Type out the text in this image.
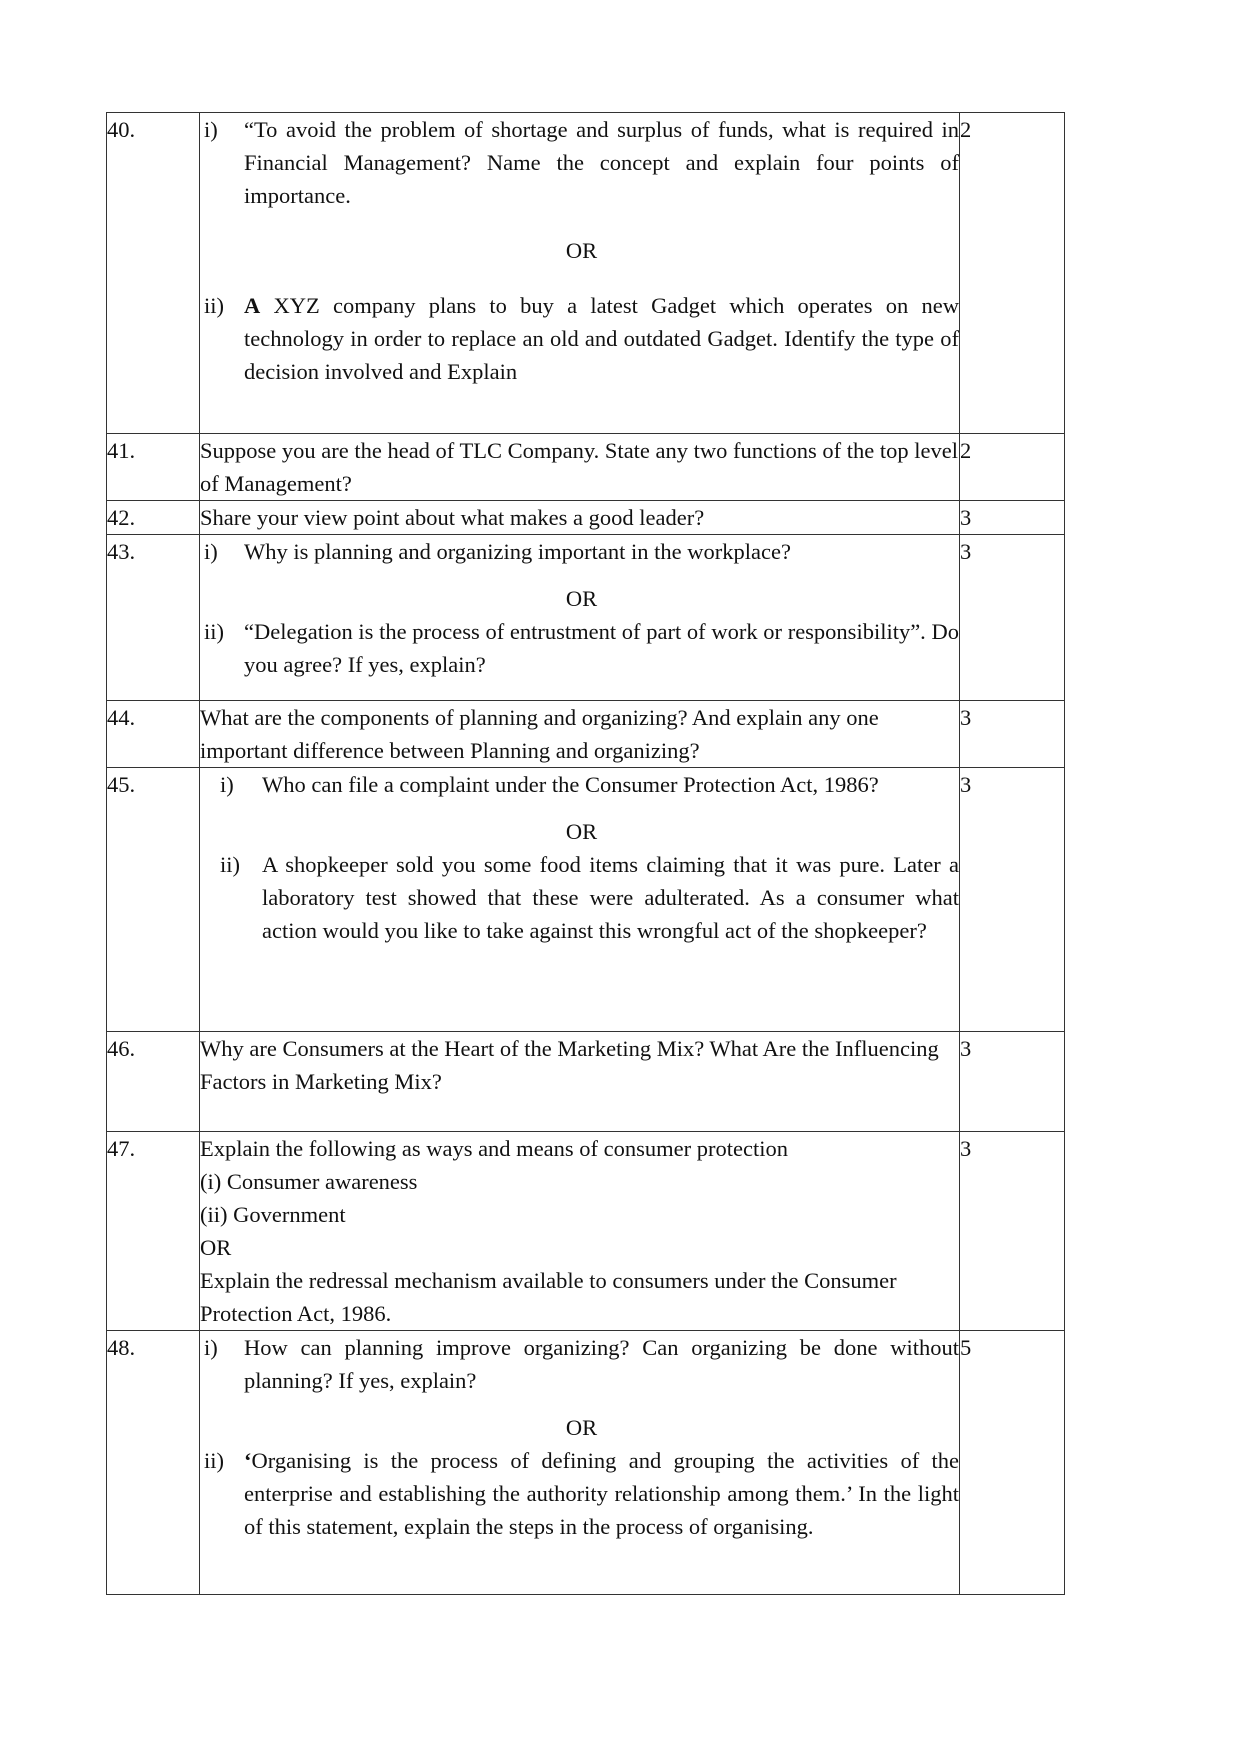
40.	i) “To avoid the problem of shortage and surplus of funds, what is required in Financial Management? Name the concept and explain four points of importance.

OR

ii) A XYZ company plans to buy a latest Gadget which operates on new technology in order to replace an old and outdated Gadget. Identify the type of decision involved and Explain	2
41.	Suppose you are the head of TLC Company. State any two functions of the top level of Management?	2
42.	Share your view point about what makes a good leader?	3
43.	i) Why is planning and organizing important in the workplace?

OR

ii) “Delegation is the process of entrustment of part of work or responsibility”. Do you agree? If yes, explain?	3
44.	What are the components of planning and organizing? And explain any one important difference between Planning and organizing?	3
45.	i) Who can file a complaint under the Consumer Protection Act, 1986?

OR

ii) A shopkeeper sold you some food items claiming that it was pure. Later a laboratory test showed that these were adulterated. As a consumer what action would you like to take against this wrongful act of the shopkeeper?	3
46.	Why are Consumers at the Heart of the Marketing Mix? What Are the Influencing Factors in Marketing Mix?	3
47.	Explain the following as ways and means of consumer protection

(i) Consumer awareness

(ii) Government

OR

Explain the redressal mechanism available to consumers under the Consumer Protection Act, 1986.	3
48.	i) How can planning improve organizing? Can organizing be done without planning? If yes, explain?

OR

ii) ‘Organising is the process of defining and grouping the activities of the enterprise and establishing the authority relationship among them.’ In the light of this statement, explain the steps in the process of organising.	5
